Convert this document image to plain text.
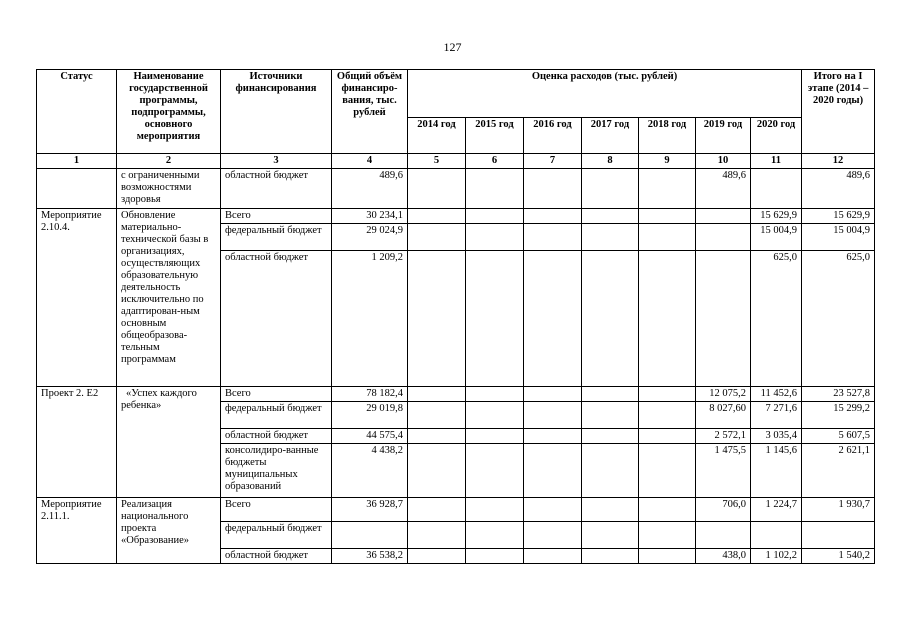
127
Статус	Наименование государственной программы, подпрограммы, основного мероприятия	Источники финансирования	Общий объём финансиро-вания, тыс. рублей	Оценка расходов (тыс. рублей)							Итого на I этапе (2014 – 2020 годы)
				2014 год	2015 год	2016 год	2017 год	2018 год	2019 год	2020 год	
1	2	3	4	5	6	7	8	9	10	11	12
	с ограниченными возможностями здоровья	областной бюджет	489,6						489,6		489,6
Мероприятие 2.10.4.	Обновление материально-технической базы в организациях, осуществляющих образовательную деятельность исключительно по адаптирован-ным основным общеобразова-тельным программам	Всего	30 234,1							15 629,9	15 629,9
		федеральный бюджет	29 024,9							15 004,9	15 004,9
		областной бюджет	1 209,2							625,0	625,0
Проект 2. Е2	«Успех каждого ребенка»	Всего	78 182,4						12 075,2	11 452,6	23 527,8
		федеральный бюджет	29 019,8						8 027,60	7 271,6	15 299,2
		областной бюджет	44 575,4						2 572,1	3 035,4	5 607,5
		консолидиро-ванные бюджеты муниципальных образований	4 438,2						1 475,5	1 145,6	2 621,1
Мероприятие 2.11.1.	Реализация национального проекта «Образование»	Всего	36 928,7						706,0	1 224,7	1 930,7
		федеральный бюджет									
		областной бюджет	36 538,2						438,0	1 102,2	1 540,2
